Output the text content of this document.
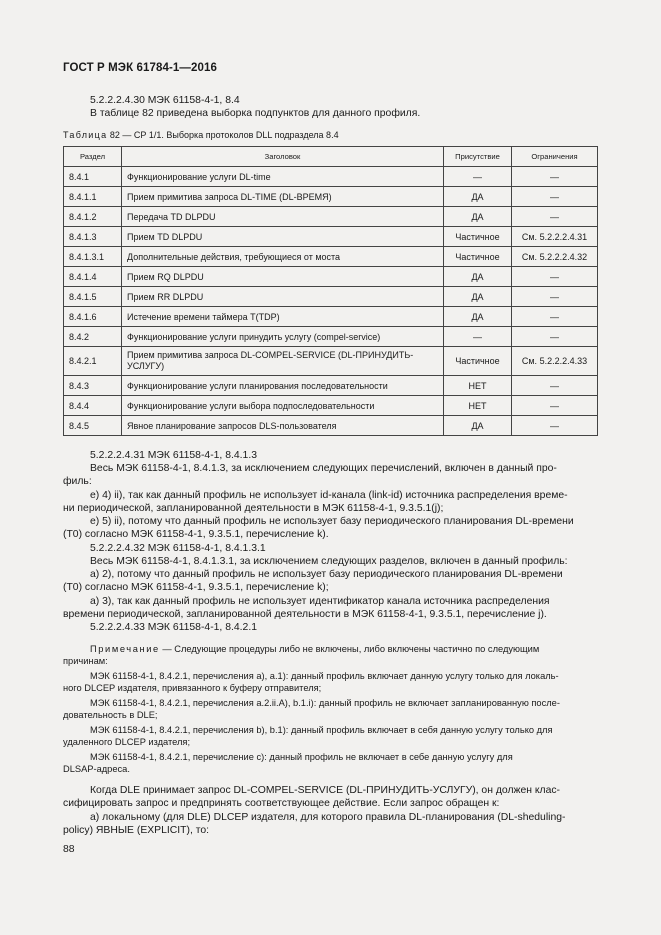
ГОСТ Р МЭК 61784-1—2016
5.2.2.2.4.30 МЭК 61158-4-1, 8.4
В таблице 82 приведена выборка подпунктов для данного профиля.
Таблица 82 — СР 1/1. Выборка протоколов DLL подраздела 8.4
Раздел	Заголовок	Присутствие	Ограничения
8.4.1	Функционирование услуги DL-time	—	—
8.4.1.1	Прием примитива запроса DL-TIME (DL-ВРЕМЯ)	ДА	—
8.4.1.2	Передача TD DLPDU	ДА	—
8.4.1.3	Прием TD DLPDU	Частичное	См. 5.2.2.2.4.31
8.4.1.3.1	Дополнительные действия, требующиеся от моста	Частичное	См. 5.2.2.2.4.32
8.4.1.4	Прием RQ DLPDU	ДА	—
8.4.1.5	Прием RR DLPDU	ДА	—
8.4.1.6	Истечение времени таймера Т(TDP)	ДА	—
8.4.2	Функционирование услуги принудить услугу (compel-service)	—	—
8.4.2.1	Прием примитива запроса DL-COMPEL-SERVICE (DL-ПРИНУДИТЬ-УСЛУГУ)	Частичное	См. 5.2.2.2.4.33
8.4.3	Функционирование услуги планирования последовательности	НЕТ	—
8.4.4	Функционирование услуги выбора подпоследовательности	НЕТ	—
8.4.5	Явное планирование запросов DLS-пользователя	ДА	—
5.2.2.2.4.31 МЭК 61158-4-1, 8.4.1.3
Весь МЭК 61158-4-1, 8.4.1.3, за исключением следующих перечислений, включен в данный про-
филь:
е) 4) ii), так как данный профиль не использует id-канала (link-id) источника распределения време-
ни периодической, запланированной деятельности в МЭК 61158-4-1, 9.3.5.1(j);
е) 5) ii), потому что данный профиль не использует базу периодического планирования DL-времени
(T0) согласно МЭК 61158-4-1, 9.3.5.1, перечисление k).
5.2.2.2.4.32 МЭК 61158-4-1, 8.4.1.3.1
Весь МЭК 61158-4-1, 8.4.1.3.1, за исключением следующих разделов, включен в данный профиль:
а) 2), потому что данный профиль не использует базу периодического планирования DL-времени
(T0) согласно МЭК 61158-4-1, 9.3.5.1, перечисление k);
а) 3), так как данный профиль не использует идентификатор канала источника распределения
времени периодической, запланированной деятельности в МЭК 61158-4-1, 9.3.5.1, перечисление j).
5.2.2.2.4.33 МЭК 61158-4-1, 8.4.2.1
Примечание — Следующие процедуры либо не включены, либо включены частично по следующим
причинам:
МЭК 61158-4-1, 8.4.2.1, перечисления а), а.1): данный профиль включает данную услугу только для локаль-
ного DLCEP издателя, привязанного к буферу отправителя;
МЭК 61158-4-1, 8.4.2.1, перечисления а.2.ii.A), b.1.i): данный профиль не включает запланированную после-
довательность в DLE;
МЭК 61158-4-1, 8.4.2.1, перечисления b), b.1): данный профиль включает в себя данную услугу только для
удаленного DLCEP издателя;
МЭК 61158-4-1, 8.4.2.1, перечисление c): данный профиль не включает в себе данную услугу для
DLSAP-адреса.
Когда DLE принимает запрос DL-COMPEL-SERVICE (DL-ПРИНУДИТЬ-УСЛУГУ), он должен клас-
сифицировать запрос и предпринять соответствующее действие. Если запрос обращен к:
а) локальному (для DLE) DLCEP издателя, для которого правила DL-планирования (DL-sheduling-
policy) ЯВНЫЕ (EXPLICIT), то:
88
